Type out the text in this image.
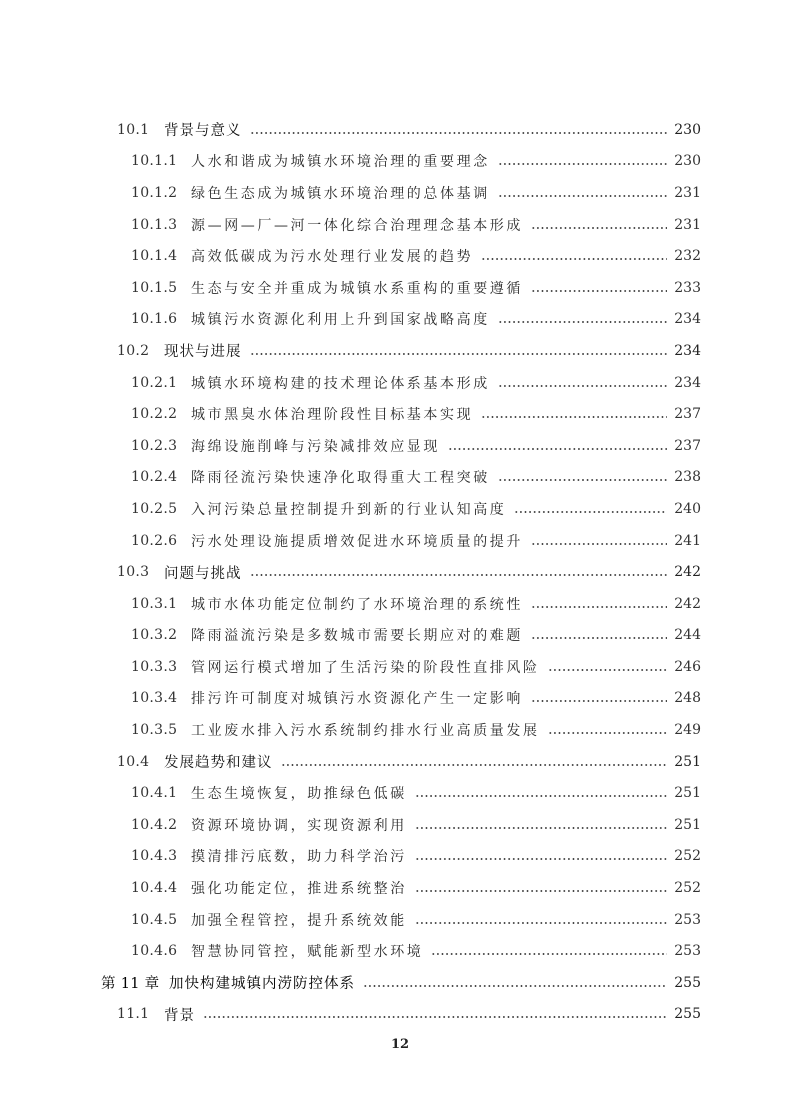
10.1	背景与意义	230
10.1.1 人水和谐成为城镇水环境治理的重要理念	230
10.1.2 绿色生态成为城镇水环境治理的总体基调	231
10.1.3 源—网—厂—河一体化综合治理理念基本形成	231
10.1.4 高效低碳成为污水处理行业发展的趋势	232
10.1.5 生态与安全并重成为城镇水系重构的重要遵循	233
10.1.6 城镇污水资源化利用上升到国家战略高度	234
10.2	现状与进展	234
10.2.1 城镇水环境构建的技术理论体系基本形成	234
10.2.2 城市黑臭水体治理阶段性目标基本实现	237
10.2.3 海绵设施削峰与污染减排效应显现	237
10.2.4 降雨径流污染快速净化取得重大工程突破	238
10.2.5 入河污染总量控制提升到新的行业认知高度	240
10.2.6 污水处理设施提质增效促进水环境质量的提升	241
10.3	问题与挑战	242
10.3.1 城市水体功能定位制约了水环境治理的系统性	242
10.3.2 降雨溢流污染是多数城市需要长期应对的难题	244
10.3.3 管网运行模式增加了生活污染的阶段性直排风险	246
10.3.4 排污许可制度对城镇污水资源化产生一定影响	248
10.3.5 工业废水排入污水系统制约排水行业高质量发展	249
10.4	发展趋势和建议	251
10.4.1 生态生境恢复，助推绿色低碳	251
10.4.2 资源环境协调，实现资源利用	251
10.4.3 摸清排污底数，助力科学治污	252
10.4.4 强化功能定位，推进系统整治	252
10.4.5 加强全程管控，提升系统效能	253
10.4.6 智慧协同管控，赋能新型水环境	253
第 11 章 加快构建城镇内涝防控体系	255
11.1	背景	255
12
